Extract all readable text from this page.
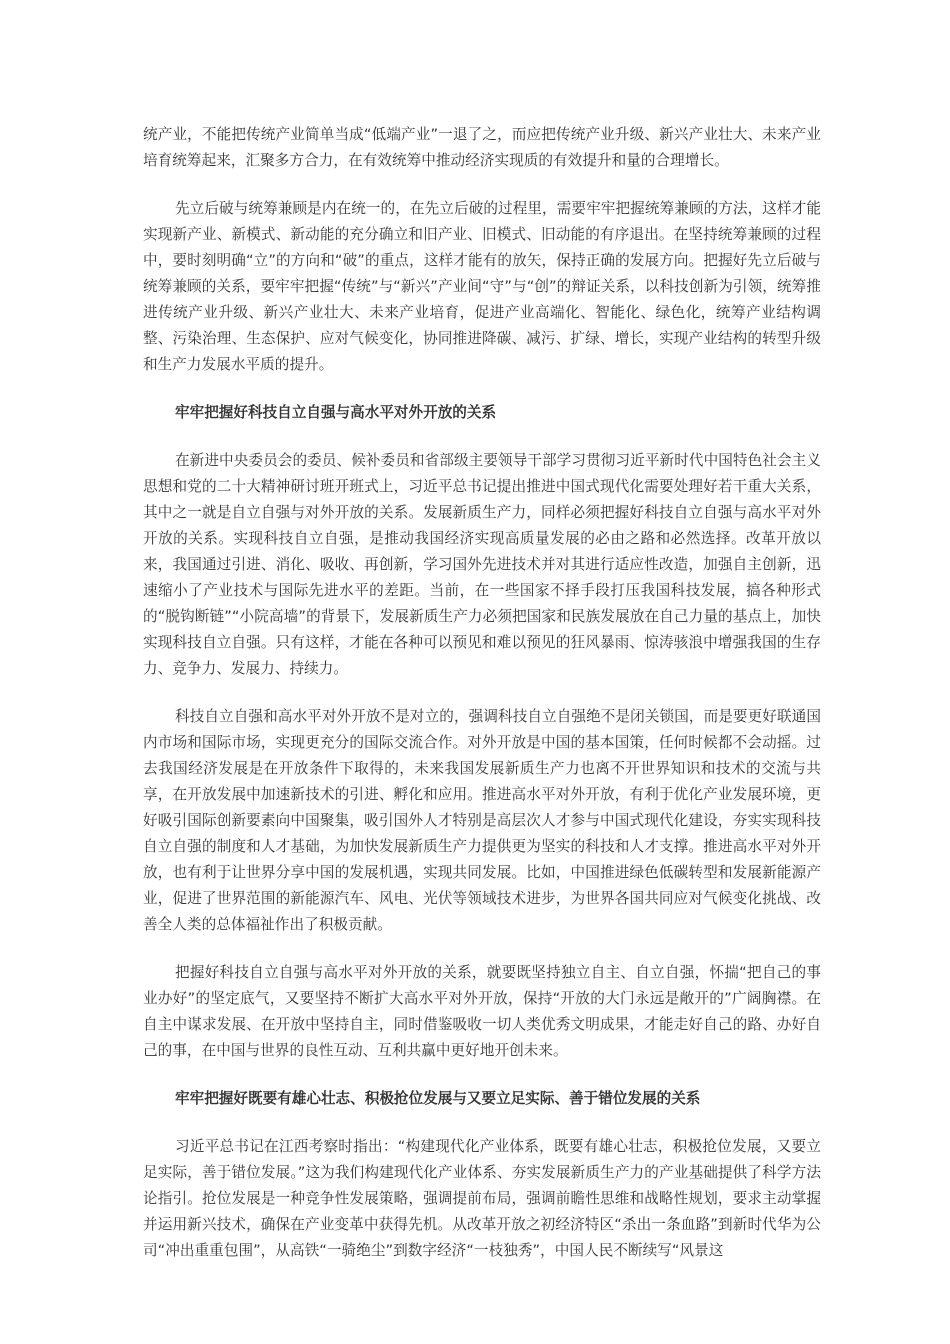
统产业，不能把传统产业简单当成“低端产业”一退了之，而应把传统产业升级、新兴产业壮大、未来产业培育统筹起来，汇聚多方合力，在有效统筹中推动经济实现质的有效提升和量的合理增长。

先立后破与统筹兼顾是内在统一的，在先立后破的过程里，需要牢牢把握统筹兼顾的方法，这样才能实现新产业、新模式、新动能的充分确立和旧产业、旧模式、旧动能的有序退出。在坚持统筹兼顾的过程中，要时刻明确“立”的方向和“破”的重点，这样才能有的放矢，保持正确的发展方向。把握好先立后破与统筹兼顾的关系，要牢牢把握“传统”与“新兴”产业间“守”与“创”的辩证关系，以科技创新为引领，统筹推进传统产业升级、新兴产业壮大、未来产业培育，促进产业高端化、智能化、绿色化，统筹产业结构调整、污染治理、生态保护、应对气候变化，协同推进降碳、减污、扩绿、增长，实现产业结构的转型升级和生产力发展水平质的提升。

牢牢把握好科技自立自强与高水平对外开放的关系

在新进中央委员会的委员、候补委员和省部级主要领导干部学习贯彻习近平新时代中国特色社会主义思想和党的二十大精神研讨班开班式上，习近平总书记提出推进中国式现代化需要处理好若干重大关系，其中之一就是自立自强与对外开放的关系。发展新质生产力，同样必须把握好科技自立自强与高水平对外开放的关系。实现科技自立自强，是推动我国经济实现高质量发展的必由之路和必然选择。改革开放以来，我国通过引进、消化、吸收、再创新，学习国外先进技术并对其进行适应性改造，加强自主创新，迅速缩小了产业技术与国际先进水平的差距。当前，在一些国家不择手段打压我国科技发展，搞各种形式的“脱钩断链”“小院高墙”的背景下，发展新质生产力必须把国家和民族发展放在自己力量的基点上，加快实现科技自立自强。只有这样，才能在各种可以预见和难以预见的狂风暴雨、惊涛骇浪中增强我国的生存力、竞争力、发展力、持续力。

科技自立自强和高水平对外开放不是对立的，强调科技自立自强绝不是闭关锁国，而是要更好联通国内市场和国际市场，实现更充分的国际交流合作。对外开放是中国的基本国策，任何时候都不会动摇。过去我国经济发展是在开放条件下取得的，未来我国发展新质生产力也离不开世界知识和技术的交流与共享，在开放发展中加速新技术的引进、孵化和应用。推进高水平对外开放，有利于优化产业发展环境，更好吸引国际创新要素向中国聚集，吸引国外人才特别是高层次人才参与中国式现代化建设，夯实实现科技自立自强的制度和人才基础，为加快发展新质生产力提供更为坚实的科技和人才支撑。推进高水平对外开放，也有利于让世界分享中国的发展机遇，实现共同发展。比如，中国推进绿色低碳转型和发展新能源产业，促进了世界范围的新能源汽车、风电、光伏等领域技术进步，为世界各国共同应对气候变化挑战、改善全人类的总体福祉作出了积极贡献。

把握好科技自立自强与高水平对外开放的关系，就要既坚持独立自主、自立自强，怀揣“把自己的事业办好”的坚定底气，又要坚持不断扩大高水平对外开放，保持“开放的大门永远是敞开的”广阔胸襟。在自主中谋求发展、在开放中坚持自主，同时借鉴吸收一切人类优秀文明成果，才能走好自己的路、办好自己的事，在中国与世界的良性互动、互利共赢中更好地开创未来。

牢牢把握好既要有雄心壮志、积极抢位发展与又要立足实际、善于错位发展的关系

习近平总书记在江西考察时指出：“构建现代化产业体系，既要有雄心壮志，积极抢位发展，又要立足实际，善于错位发展。”这为我们构建现代化产业体系、夯实发展新质生产力的产业基础提供了科学方法论指引。抢位发展是一种竞争性发展策略，强调提前布局，强调前瞻性思维和战略性规划，要求主动掌握并运用新兴技术，确保在产业变革中获得先机。从改革开放之初经济特区“杀出一条血路”到新时代华为公司“冲出重重包围”，从高铁“一骑绝尘”到数字经济“一枝独秀”，中国人民不断续写“风景这
